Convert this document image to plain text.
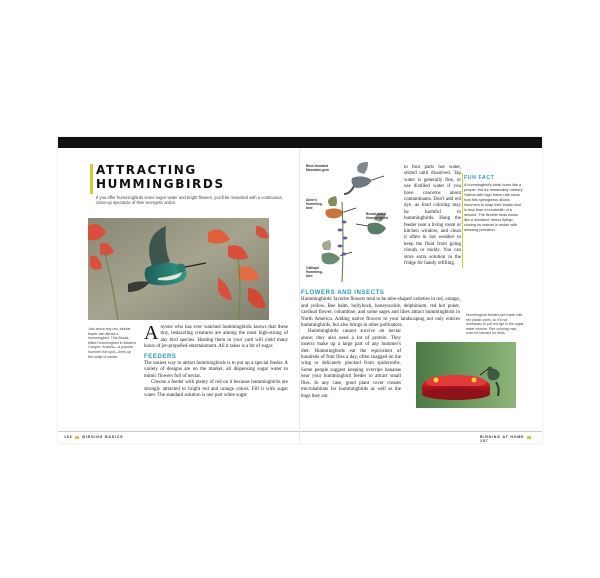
ATTRACTING
HUMMINGBIRDS
If you offer hummingbirds some sugar water and bright flowers, you'll be rewarded with a continuous, close-up spectacle of their energetic antics.
Just about any red, tubular flower can attract a hummingbird. This Broad-billed Hummingbird in Madera Canyon, Arizona—a popular hummer hot spot—lines up the scalp of nectar.

A nyone who has ever watched hummingbirds knows that these tiny, bedazzling creatures are among the most high-strung of any bird species. Hosting them in your yard will yield many hours of jet-propelled entertainment. All it takes is a bit of sugar.

FEEDERS

The easiest way to attract hummingbirds is to put up a special feeder. A variety of designs are on the market, all dispensing sugar water to mimic flowers full of nectar.

Choose a feeder with plenty of red on it because hummingbirds are strongly attracted to bright red and orange colors. Fill it with sugar water. The standard solution is one part white sugar

Blue-throated Mountain-gem
Allen's Humming-bird
Broad-tailed Hummingbird
Calliope Humming-bird
to four parts hot water, stirred until dissolved. Tap water is generally fine, or use distilled water if you have concerns about contaminants. Don't add red dye, as food coloring may be harmful to hummingbirds. Hang the feeder near a living room or kitchen window, and clean it often in hot weather to keep the fluid from going cloudy or moldy. You can store extra solution in the fridge for handy refilling.
FLOWERS AND INSECTS

Hummingbirds' favorite flowers tend to be tube-shaped varieties in red, orange, and yellow. Bee balm, hollyhock, honeysuckle, delphinium, red hot poker, cardinal flower, columbine, and some sages and lilies attract hummingbirds in North America. Adding native flowers to your landscaping not only entices hummingbirds, but also brings in other pollinators.

Hummingbirds cannot survive on nectar alone; they also need a lot of protein. They insects make up a large part of any hummer's diet. Hummingbirds eat the equivalent of hundreds of fruit flies a day, often snagged on the wing or delicately plucked from spiderwebs. Some people suggest keeping overripe bananas near your hummingbird feeder to attract small flies. In any case, good plant cover creates microhabitats for hummingbirds as well as the bugs they eat.

FUN FACT
A hummingbird's beak looks like a pooper, but it's remarkably rubbery. Videos with high frame rate show how this springiness allows hummers to snap their beaks shut in less than a hundredth of a second. The flexible beak works like a miniature Venus flytrap, closing on insects in midair with amazing precision.
Hummingbird feeders are made with red plastic parts, so it's not necessary to put red dye in the sugar water mixture. Red coloring may even be harmful for birds.
156	BIRDING BASICS	BIRDING AT HOME157
